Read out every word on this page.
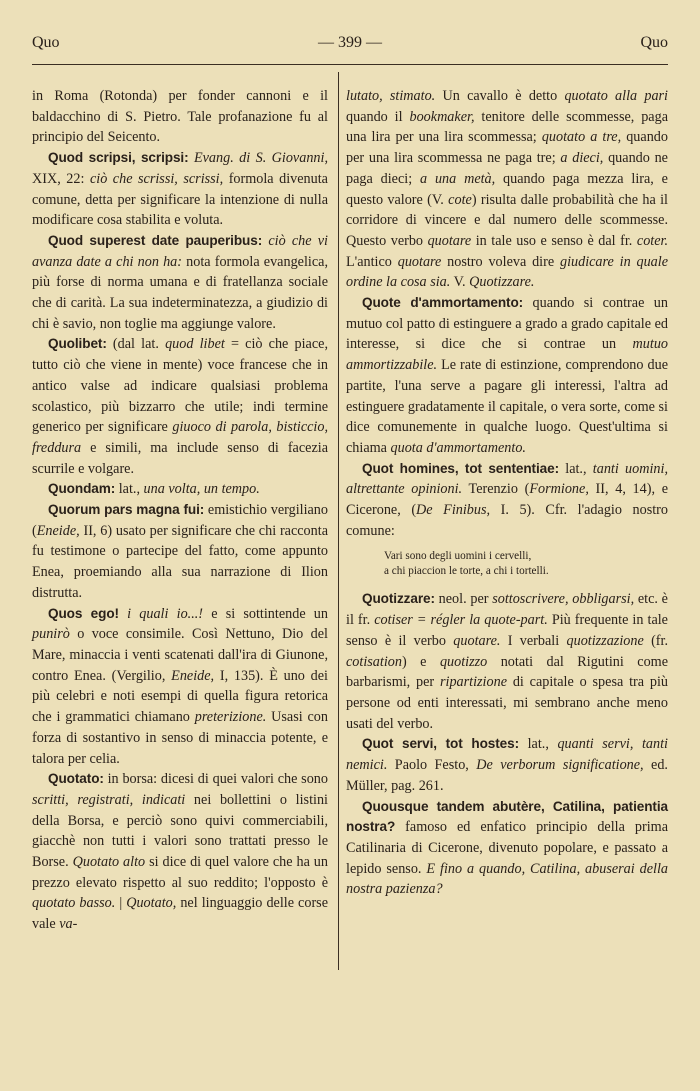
Quo	— 399 —	Quo

in Roma (Rotonda) per fonder cannoni e il baldacchino di S. Pietro. Tale profanazione fu al principio del Seicento.

Quod scripsi, scripsi: Evang. di S. Giovanni, XIX, 22: ciò che scrissi, scrissi, formola divenuta comune, detta per significare la intenzione di nulla modificare cosa stabilita e voluta.

Quod superest date pauperibus: ciò che vi avanza date a chi non ha: nota formola evangelica, più forse di norma umana e di fratellanza sociale che di carità. La sua indeterminatezza, a giudizio di chi è savio, non toglie ma aggiunge valore.

Quolibet: (dal lat. quod libet = ciò che piace, tutto ciò che viene in mente) voce francese che in antico valse ad indicare qualsiasi problema scolastico, più bizzarro che utile; indi termine generico per significare giuoco di parola, bisticcio, freddura e simili, ma include senso di facezia scurrile e volgare.

Quondam: lat., una volta, un tempo.

Quorum pars magna fui: emistichio vergiliano (Eneide, II, 6) usato per significare che chi racconta fu testimone o partecipe del fatto, come appunto Enea, proemiando alla sua narrazione di Ilion distrutta.

Quos ego! i quali io...! e si sottintende un punirò o voce consimile. Così Nettuno, Dio del Mare, minaccia i venti scatenati dall'ira di Giunone, contro Enea. (Vergilio, Eneide, I, 135). È uno dei più celebri e noti esempi di quella figura retorica che i grammatici chiamano preterizione. Usasi con forza di sostantivo in senso di minaccia potente, e talora per celia.

Quotato: in borsa: dicesi di quei valori che sono scritti, registrati, indicati nei bollettini o listini della Borsa, e perciò sono quivi commerciabili, giacchè non tutti i valori sono trattati presso le Borse. Quotato alto si dice di quel valore che ha un prezzo elevato rispetto al suo reddito; l'opposto è quotato basso. | Quotato, nel linguaggio delle corse vale va-

lutato, stimato. Un cavallo è detto quotato alla pari quando il bookmaker, tenitore delle scommesse, paga una lira per una lira scommessa; quotato a tre, quando per una lira scommessa ne paga tre; a dieci, quando ne paga dieci; a una metà, quando paga mezza lira, e questo valore (V. cote) risulta dalle probabilità che ha il corridore di vincere e dal numero delle scommesse. Questo verbo quotare in tale uso e senso è dal fr. coter. L'antico quotare nostro voleva dire giudicare in quale ordine la cosa sia. V. Quotizzare.

Quote d'ammortamento: quando si contrae un mutuo col patto di estinguere a grado a grado capitale ed interesse, si dice che si contrae un mutuo ammortizzabile. Le rate di estinzione, comprendono due partite, l'una serve a pagare gli interessi, l'altra ad estinguere gradatamente il capitale, o vera sorte, come si dice comunemente in qualche luogo. Quest'ultima si chiama quota d'ammortamento.

Quot homines, tot sententiae: lat., tanti uomini, altrettante opinioni. Terenzio (Formione, II, 4, 14), e Cicerone, (De Finibus, I. 5). Cfr. l'adagio nostro comune:

Vari sono degli uomini i cervelli,
a chi piaccion le torte, a chi i tortelli.

Quotizzare: neol. per sottoscrivere, obbligarsi, etc. è il fr. cotiser = régler la quote-part. Più frequente in tale senso è il verbo quotare. I verbali quotizzazione (fr. cotisation) e quotizzo notati dal Rigutini come barbarismi, per ripartizione di capitale o spesa tra più persone od enti interessati, mi sembrano anche meno usati del verbo.

Quot servi, tot hostes: lat., quanti servi, tanti nemici. Paolo Festo, De verborum significatione, ed. Müller, pag. 261.

Quousque tandem abutère, Catilina, patientia nostra? famoso ed enfatico principio della prima Catilinaria di Cicerone, divenuto popolare, e passato a lepido senso. E fino a quando, Catilina, abuserai della nostra pazienza?
